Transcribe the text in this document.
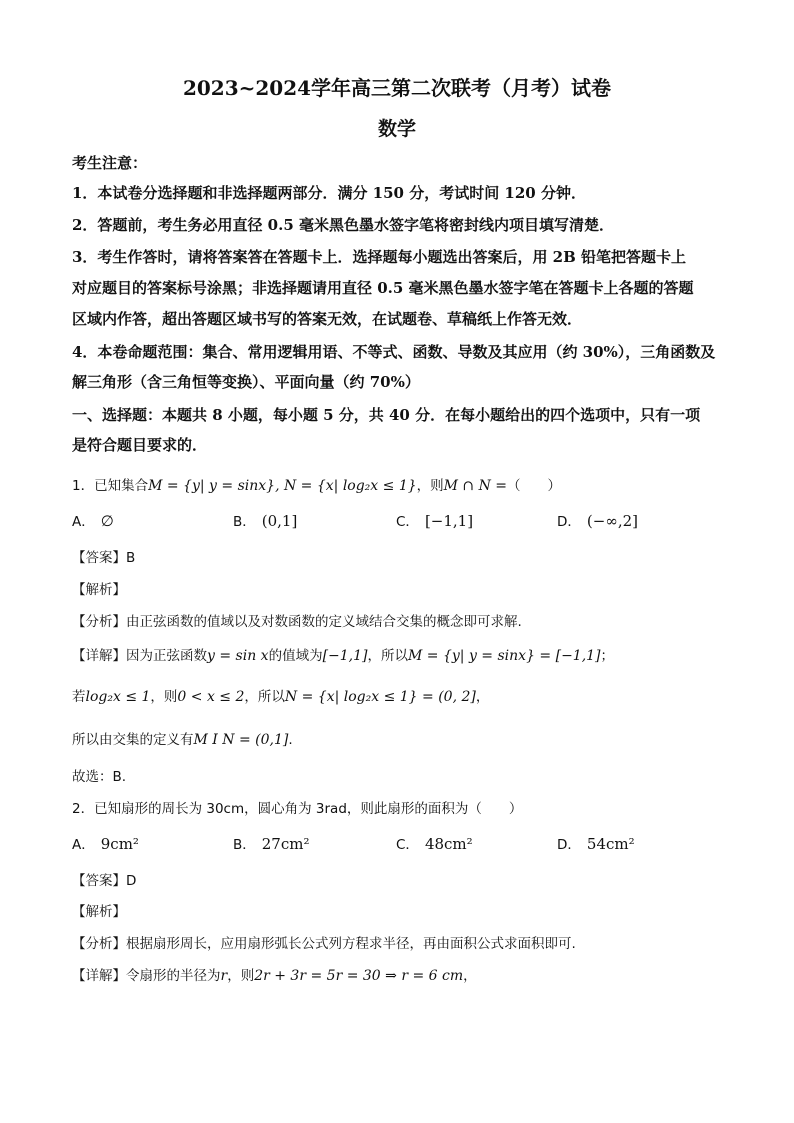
2023~2024学年高三第二次联考（月考）试卷
数学
考生注意：
1．本试卷分选择题和非选择题两部分．满分 150 分，考试时间 120 分钟．
2．答题前，考生务必用直径 0.5 毫米黑色墨水签字笔将密封线内项目填写清楚．
3．考生作答时，请将答案答在答题卡上．选择题每小题选出答案后，用 2B 铅笔把答题卡上
对应题目的答案标号涂黑；非选择题请用直径 0.5 毫米黑色墨水签字笔在答题卡上各题的答题
区域内作答，超出答题区域书写的答案无效，在试题卷、草稿纸上作答无效．
4．本卷命题范围：集合、常用逻辑用语、不等式、函数、导数及其应用（约 30%），三角函数及
解三角形（含三角恒等变换）、平面向量（约 70%）
一、选择题：本题共 8 小题，每小题 5 分，共 40 分．在每小题给出的四个选项中，只有一项
是符合题目要求的．
1．已知集合M = {y| y = sinx}, N = {x| log₂x ≤ 1}，则M ∩ N =（　　）
A． ∅	B． (0,1]	C． [−1,1]	D． (−∞,2]
【答案】B
【解析】
【分析】由正弦函数的值域以及对数函数的定义域结合交集的概念即可求解.
【详解】因为正弦函数y = sin x的值域为[−1,1]，所以M = {y| y = sinx} = [−1,1]；
若log₂x ≤ 1，则0 < x ≤ 2，所以N = {x| log₂x ≤ 1} = (0, 2]，
所以由交集的定义有M I N = (0,1].
故选：B.
2．已知扇形的周长为 30cm，圆心角为 3rad，则此扇形的面积为（　　）
A． 9cm²	B． 27cm²	C． 48cm²	D． 54cm²
【答案】D
【解析】
【分析】根据扇形周长，应用扇形弧长公式列方程求半径，再由面积公式求面积即可.
【详解】令扇形的半径为r，则2r + 3r = 5r = 30 ⇒ r = 6 cm，
